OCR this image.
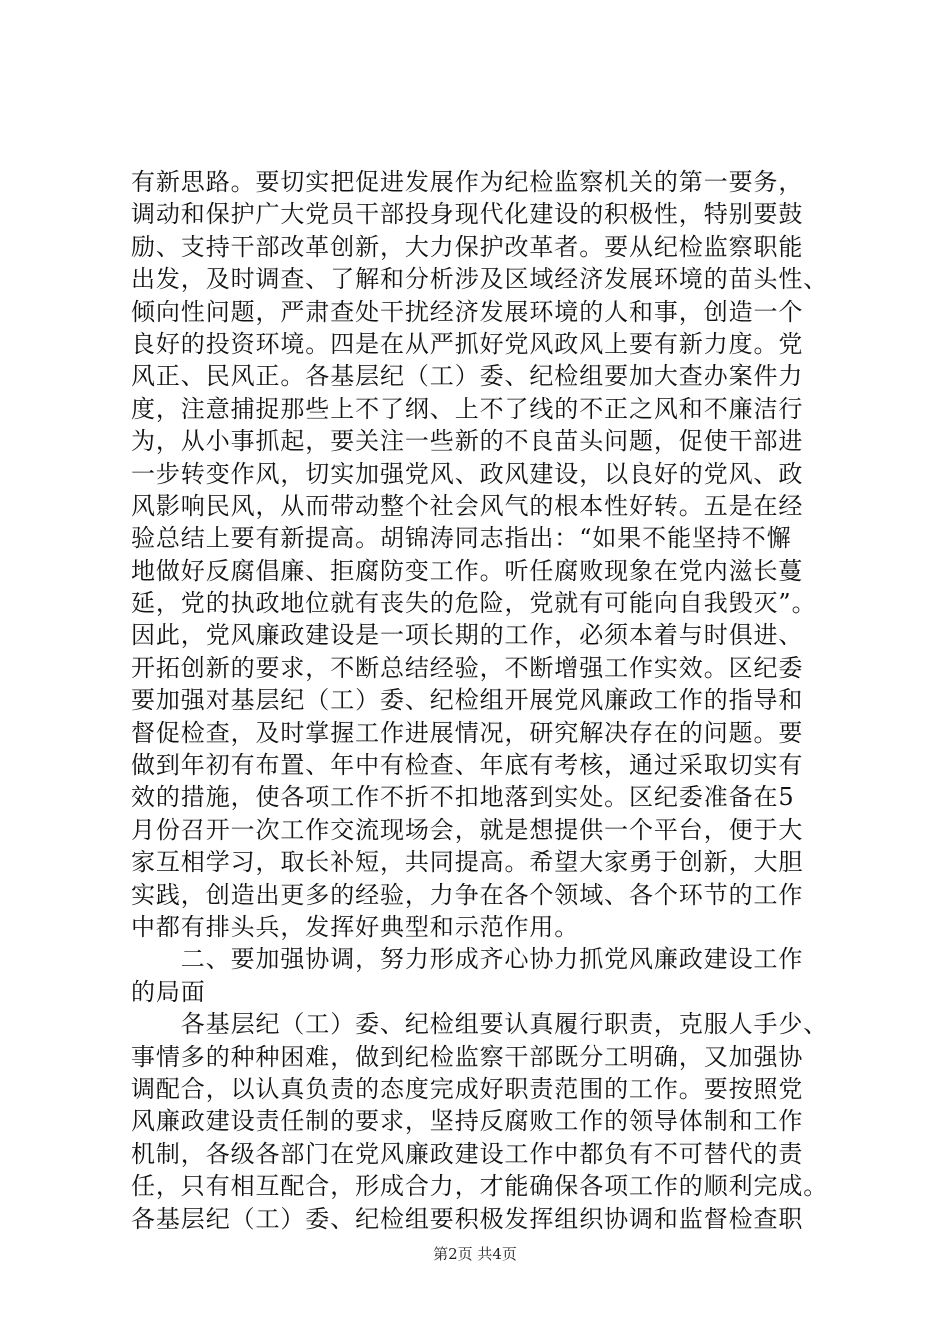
有新思路。要切实把促进发展作为纪检监察机关的第一要务，
调动和保护广大党员干部投身现代化建设的积极性，特别要鼓
励、支持干部改革创新，大力保护改革者。要从纪检监察职能
出发，及时调查、了解和分析涉及区域经济发展环境的苗头性、
倾向性问题，严肃查处干扰经济发展环境的人和事，创造一个
良好的投资环境。四是在从严抓好党风政风上要有新力度。党
风正、民风正。各基层纪（工）委、纪检组要加大查办案件力
度，注意捕捉那些上不了纲、上不了线的不正之风和不廉洁行
为，从小事抓起，要关注一些新的不良苗头问题，促使干部进
一步转变作风，切实加强党风、政风建设，以良好的党风、政
风影响民风，从而带动整个社会风气的根本性好转。五是在经
验总结上要有新提高。胡锦涛同志指出：“如果不能坚持不懈
地做好反腐倡廉、拒腐防变工作。听任腐败现象在党内滋长蔓
延，党的执政地位就有丧失的危险，党就有可能向自我毁灭”。
因此，党风廉政建设是一项长期的工作，必须本着与时俱进、
开拓创新的要求，不断总结经验，不断增强工作实效。区纪委
要加强对基层纪（工）委、纪检组开展党风廉政工作的指导和
督促检查，及时掌握工作进展情况，研究解决存在的问题。要
做到年初有布置、年中有检查、年底有考核，通过采取切实有
效的措施，使各项工作不折不扣地落到实处。区纪委准备在5
月份召开一次工作交流现场会，就是想提供一个平台，便于大
家互相学习，取长补短，共同提高。希望大家勇于创新，大胆
实践，创造出更多的经验，力争在各个领域、各个环节的工作
中都有排头兵，发挥好典型和示范作用。
　　二、要加强协调，努力形成齐心协力抓党风廉政建设工作
的局面
　　各基层纪（工）委、纪检组要认真履行职责，克服人手少、
事情多的种种困难，做到纪检监察干部既分工明确，又加强协
调配合，以认真负责的态度完成好职责范围的工作。要按照党
风廉政建设责任制的要求，坚持反腐败工作的领导体制和工作
机制，各级各部门在党风廉政建设工作中都负有不可替代的责
任，只有相互配合，形成合力，才能确保各项工作的顺利完成。
各基层纪（工）委、纪检组要积极发挥组织协调和监督检查职
第2页 共4页
